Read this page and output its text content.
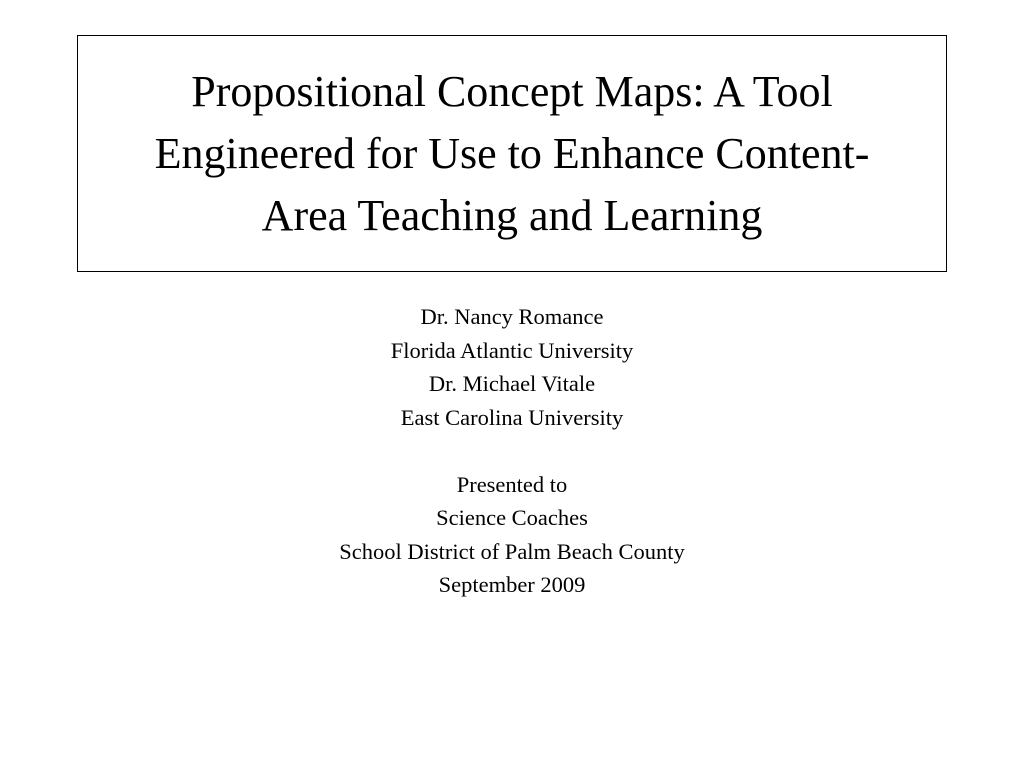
Propositional Concept Maps: A Tool
Engineered for Use to Enhance Content-
Area Teaching and Learning
Dr. Nancy Romance
Florida Atlantic University
Dr. Michael Vitale
East Carolina University
Presented to
Science Coaches
School District of Palm Beach County
September 2009
